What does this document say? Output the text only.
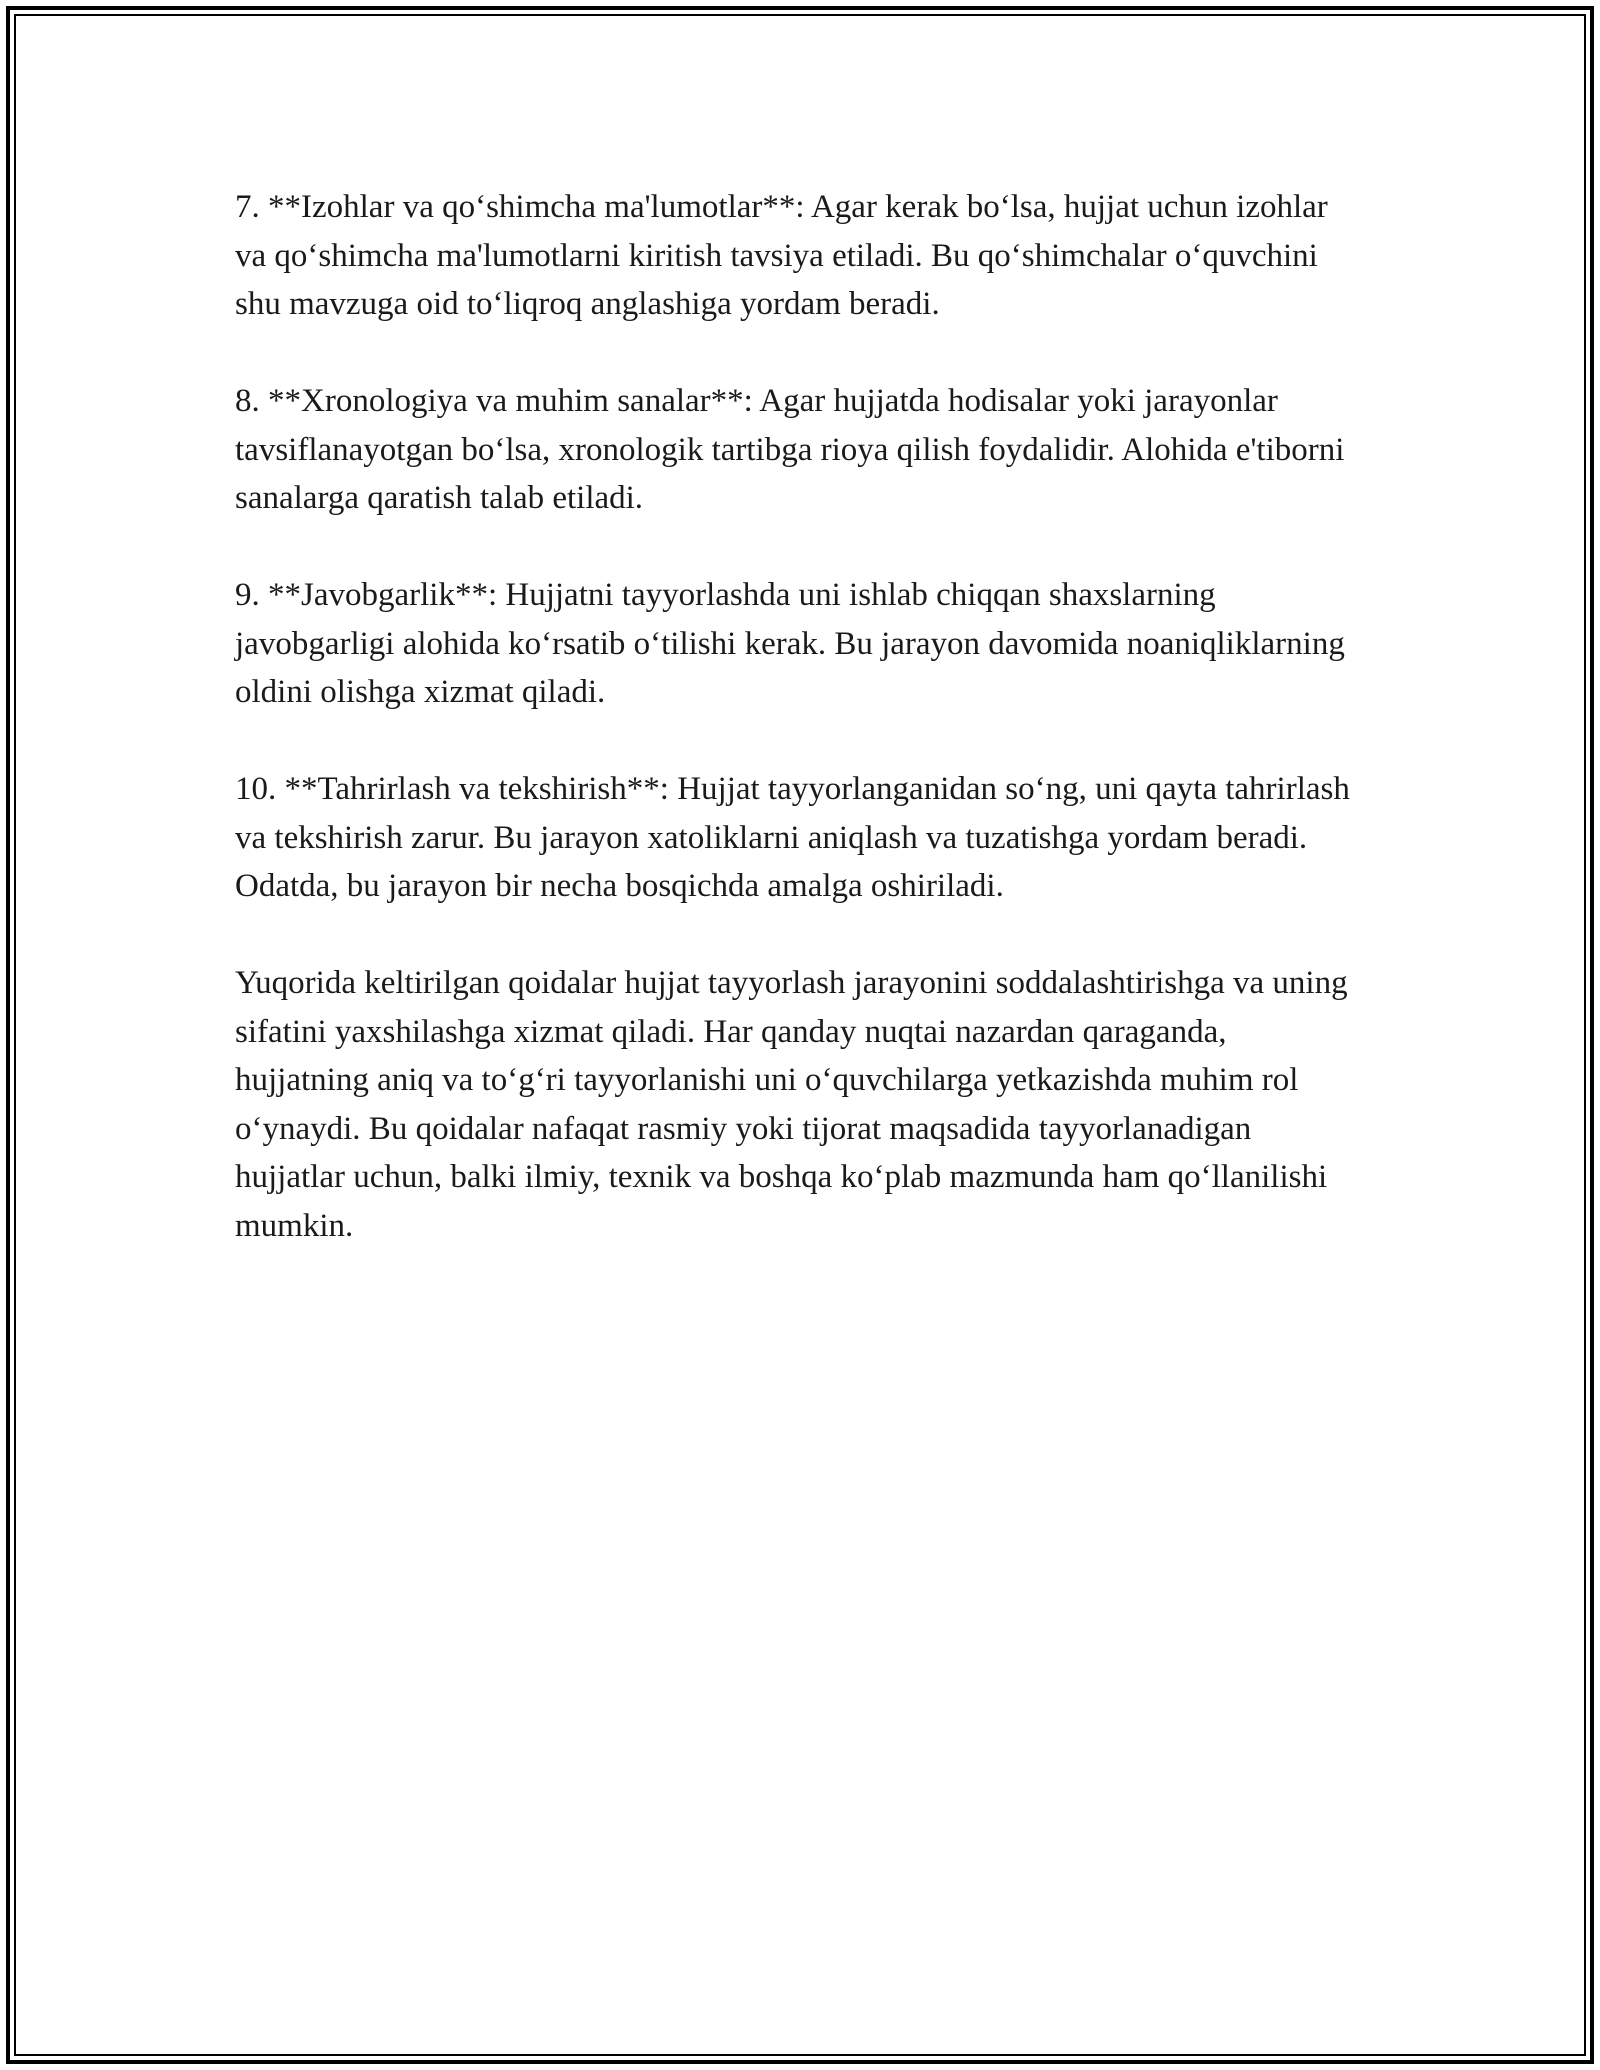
7. **Izohlar va qo‘shimcha ma'lumotlar**: Agar kerak bo‘lsa, hujjat uchun izohlar va qo‘shimcha ma'lumotlarni kiritish tavsiya etiladi. Bu qo‘shimchalar o‘quvchini shu mavzuga oid to‘liqroq anglashiga yordam beradi.

8. **Xronologiya va muhim sanalar**: Agar hujjatda hodisalar yoki jarayonlar tavsiflanayotgan bo‘lsa, xronologik tartibga rioya qilish foydalidir. Alohida e'tiborni sanalarga qaratish talab etiladi.

9. **Javobgarlik**: Hujjatni tayyorlashda uni ishlab chiqqan shaxslarning javobgarligi alohida ko‘rsatib o‘tilishi kerak. Bu jarayon davomida noaniqliklarning oldini olishga xizmat qiladi.

10. **Tahrirlash va tekshirish**: Hujjat tayyorlanganidan so‘ng, uni qayta tahrirlash va tekshirish zarur. Bu jarayon xatoliklarni aniqlash va tuzatishga yordam beradi. Odatda, bu jarayon bir necha bosqichda amalga oshiriladi.

Yuqorida keltirilgan qoidalar hujjat tayyorlash jarayonini soddalashtirishga va uning sifatini yaxshilashga xizmat qiladi. Har qanday nuqtai nazardan qaraganda, hujjatning aniq va to‘g‘ri tayyorlanishi uni o‘quvchilarga yetkazishda muhim rol o‘ynaydi. Bu qoidalar nafaqat rasmiy yoki tijorat maqsadida tayyorlanadigan hujjatlar uchun, balki ilmiy, texnik va boshqa ko‘plab mazmunda ham qo‘llanilishi mumkin.
